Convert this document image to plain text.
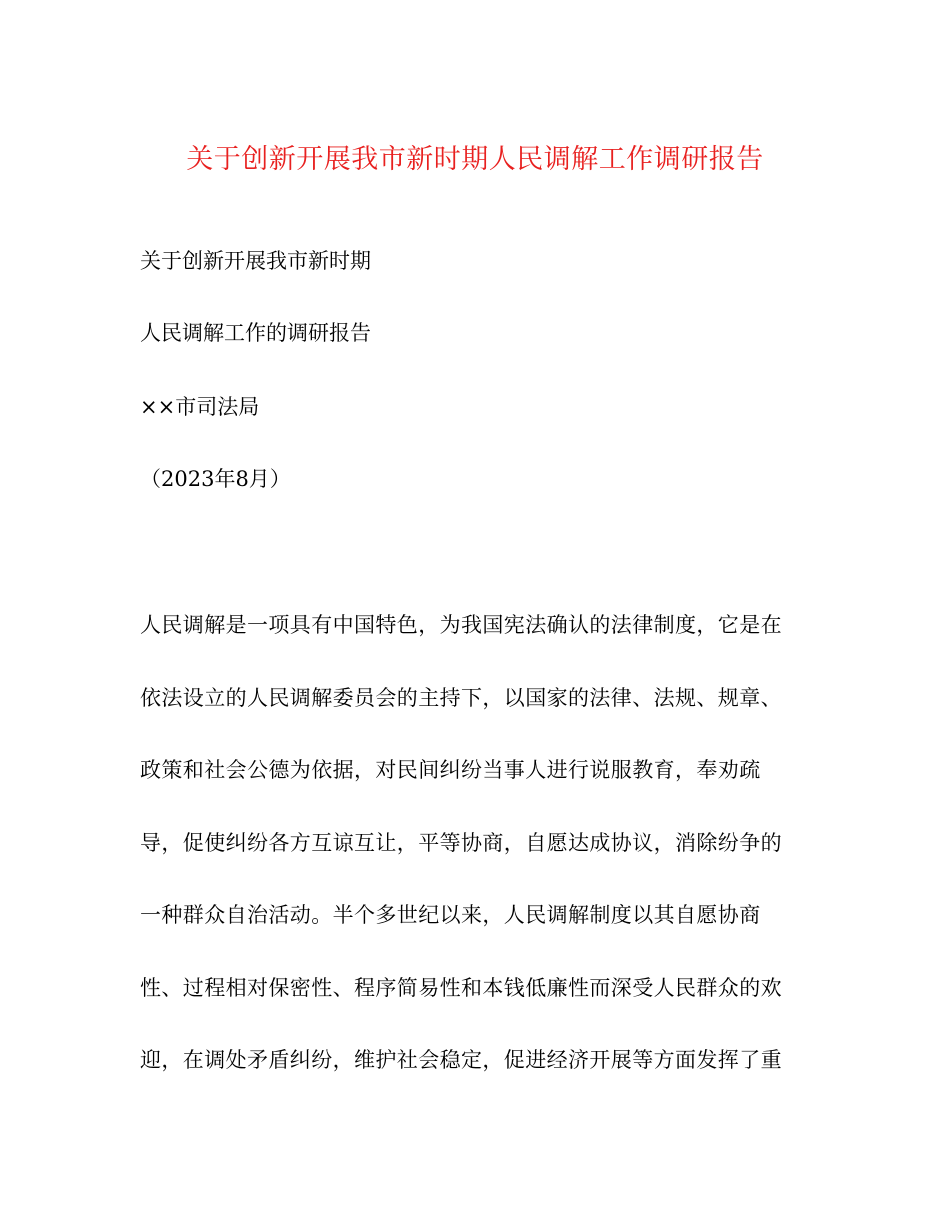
关于创新开展我市新时期人民调解工作调研报告

关于创新开展我市新时期

人民调解工作的调研报告

××市司法局

（2023年8月）

人民调解是一项具有中国特色，为我国宪法确认的法律制度，它是在

依法设立的人民调解委员会的主持下，以国家的法律、法规、规章、

政策和社会公德为依据，对民间纠纷当事人进行说服教育，奉劝疏

导，促使纠纷各方互谅互让，平等协商，自愿达成协议，消除纷争的

一种群众自治活动。半个多世纪以来，人民调解制度以其自愿协商

性、过程相对保密性、程序简易性和本钱低廉性而深受人民群众的欢

迎，在调处矛盾纠纷，维护社会稳定，促进经济开展等方面发挥了重
